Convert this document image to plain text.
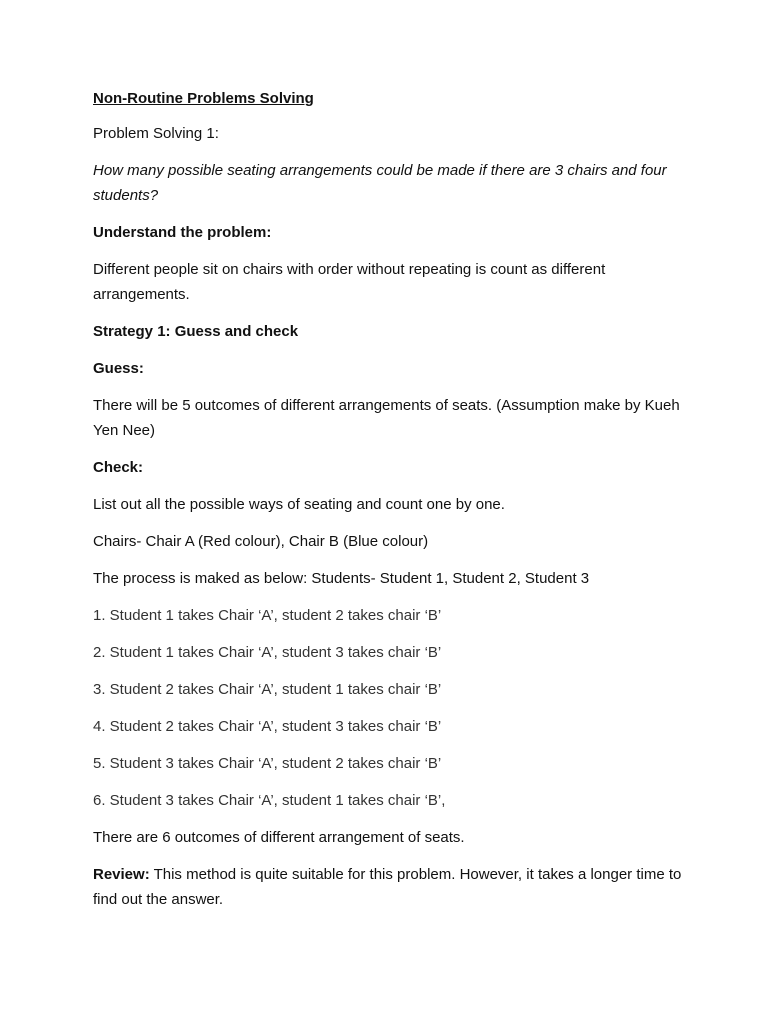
Non-Routine Problems Solving

Problem Solving 1:

How many possible seating arrangements could be made if there are 3 chairs and four students?

Understand the problem:

Different people sit on chairs with order without repeating is count as different arrangements.

Strategy 1: Guess and check

Guess:

There will be 5 outcomes of different arrangements of seats. (Assumption make by Kueh Yen Nee)

Check:

List out all the possible ways of seating and count one by one.

Chairs- Chair A (Red colour), Chair B (Blue colour)

The process is maked as below: Students- Student 1, Student 2, Student 3

1. Student 1 takes Chair ‘A’, student 2 takes chair ‘B’

2. Student 1 takes Chair ‘A’, student 3 takes chair ‘B’

3. Student 2 takes Chair ‘A’, student 1 takes chair ‘B’

4. Student 2 takes Chair ‘A’, student 3 takes chair ‘B’

5. Student 3 takes Chair ‘A’, student 2 takes chair ‘B’

6. Student 3 takes Chair ‘A’, student 1 takes chair ‘B’,

There are 6 outcomes of different arrangement of seats.

Review: This method is quite suitable for this problem. However, it takes a longer time to find out the answer.
